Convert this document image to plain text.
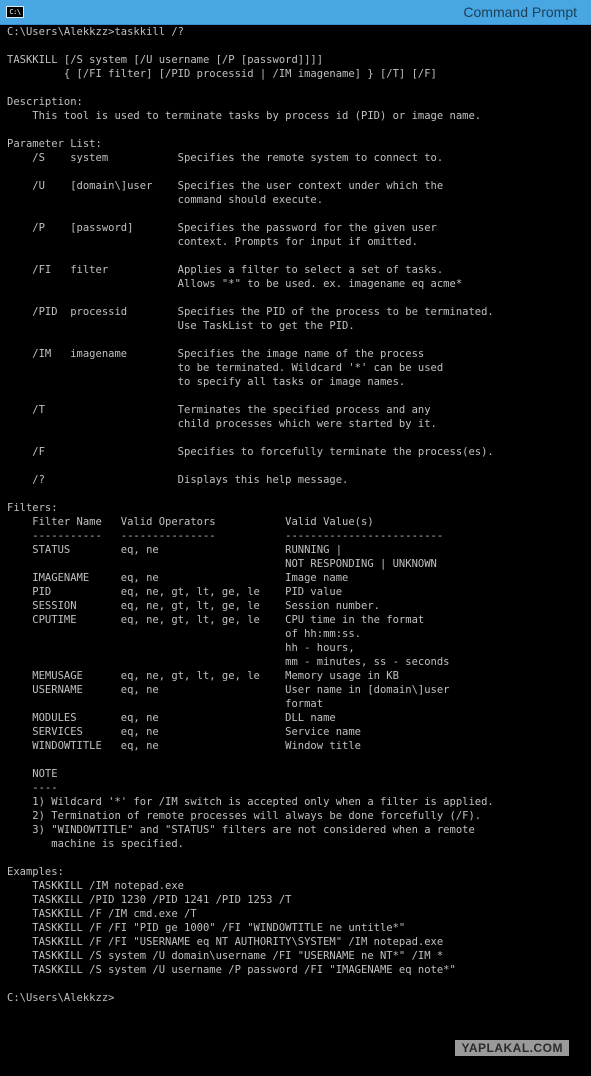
C:\	Command Prompt
C:\Users\Alekkzz>taskkill /?
TASKKILL [/S system [/U username [/P [password]]]]
{ [/FI filter] [/PID processid | /IM imagename] } [/T] [/F]
Description:
This tool is used to terminate tasks by process id (PID) or image name.
Parameter List:
/S    system           Specifies the remote system to connect to.
/U    [domain\]user    Specifies the user context under which the
command should execute.
/P    [password]       Specifies the password for the given user
context. Prompts for input if omitted.
/FI   filter           Applies a filter to select a set of tasks.
Allows "*" to be used. ex. imagename eq acme*
/PID  processid        Specifies the PID of the process to be terminated.
Use TaskList to get the PID.
/IM   imagename        Specifies the image name of the process
to be terminated. Wildcard '*' can be used
to specify all tasks or image names.
/T                     Terminates the specified process and any
child processes which were started by it.
/F                     Specifies to forcefully terminate the process(es).
/?                     Displays this help message.
Filters:
Filter Name   Valid Operators           Valid Value(s)
-----------   ---------------           -------------------------
STATUS        eq, ne                    RUNNING |
NOT RESPONDING | UNKNOWN
IMAGENAME     eq, ne                    Image name
PID           eq, ne, gt, lt, ge, le    PID value
SESSION       eq, ne, gt, lt, ge, le    Session number.
CPUTIME       eq, ne, gt, lt, ge, le    CPU time in the format
of hh:mm:ss.
hh - hours,
mm - minutes, ss - seconds
MEMUSAGE      eq, ne, gt, lt, ge, le    Memory usage in KB
USERNAME      eq, ne                    User name in [domain\]user
format
MODULES       eq, ne                    DLL name
SERVICES      eq, ne                    Service name
WINDOWTITLE   eq, ne                    Window title
NOTE
----
1) Wildcard '*' for /IM switch is accepted only when a filter is applied.
2) Termination of remote processes will always be done forcefully (/F).
3) "WINDOWTITLE" and "STATUS" filters are not considered when a remote
machine is specified.
Examples:
TASKKILL /IM notepad.exe
TASKKILL /PID 1230 /PID 1241 /PID 1253 /T
TASKKILL /F /IM cmd.exe /T
TASKKILL /F /FI "PID ge 1000" /FI "WINDOWTITLE ne untitle*"
TASKKILL /F /FI "USERNAME eq NT AUTHORITY\SYSTEM" /IM notepad.exe
TASKKILL /S system /U domain\username /FI "USERNAME ne NT*" /IM *
TASKKILL /S system /U username /P password /FI "IMAGENAME eq note*"
C:\Users\Alekkzz>
YAPLAKAL.COM
